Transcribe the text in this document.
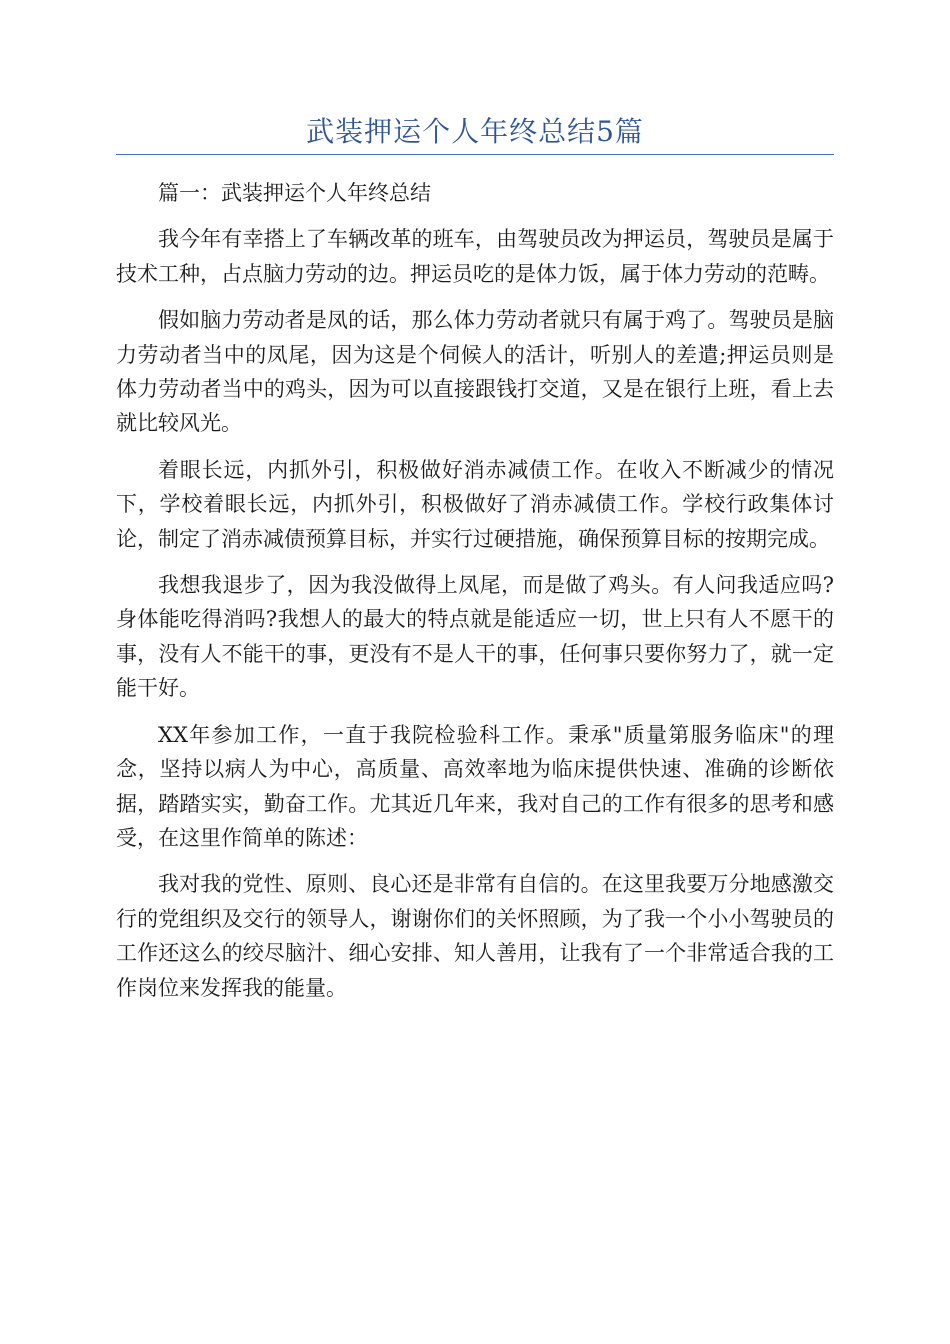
武装押运个人年终总结5篇

篇一：武装押运个人年终总结

我今年有幸搭上了车辆改革的班车，由驾驶员改为押运员，驾驶员是属于技术工种，占点脑力劳动的边。押运员吃的是体力饭，属于体力劳动的范畴。

假如脑力劳动者是凤的话，那么体力劳动者就只有属于鸡了。驾驶员是脑力劳动者当中的凤尾，因为这是个伺候人的活计，听别人的差遣;押运员则是体力劳动者当中的鸡头，因为可以直接跟钱打交道，又是在银行上班，看上去就比较风光。

着眼长远，内抓外引，积极做好消赤减债工作。在收入不断减少的情况下，学校着眼长远，内抓外引，积极做好了消赤减债工作。学校行政集体讨论，制定了消赤减债预算目标，并实行过硬措施，确保预算目标的按期完成。

我想我退步了，因为我没做得上凤尾，而是做了鸡头。有人问我适应吗?身体能吃得消吗?我想人的最大的特点就是能适应一切，世上只有人不愿干的事，没有人不能干的事，更没有不是人干的事，任何事只要你努力了，就一定能干好。

XX年参加工作，一直于我院检验科工作。秉承"质量第服务临床"的理念，坚持以病人为中心，高质量、高效率地为临床提供快速、准确的诊断依据，踏踏实实，勤奋工作。尤其近几年来，我对自己的工作有很多的思考和感受，在这里作简单的陈述：

我对我的党性、原则、良心还是非常有自信的。在这里我要万分地感激交行的党组织及交行的领导人，谢谢你们的关怀照顾，为了我一个小小驾驶员的工作还这么的绞尽脑汁、细心安排、知人善用，让我有了一个非常适合我的工作岗位来发挥我的能量。
